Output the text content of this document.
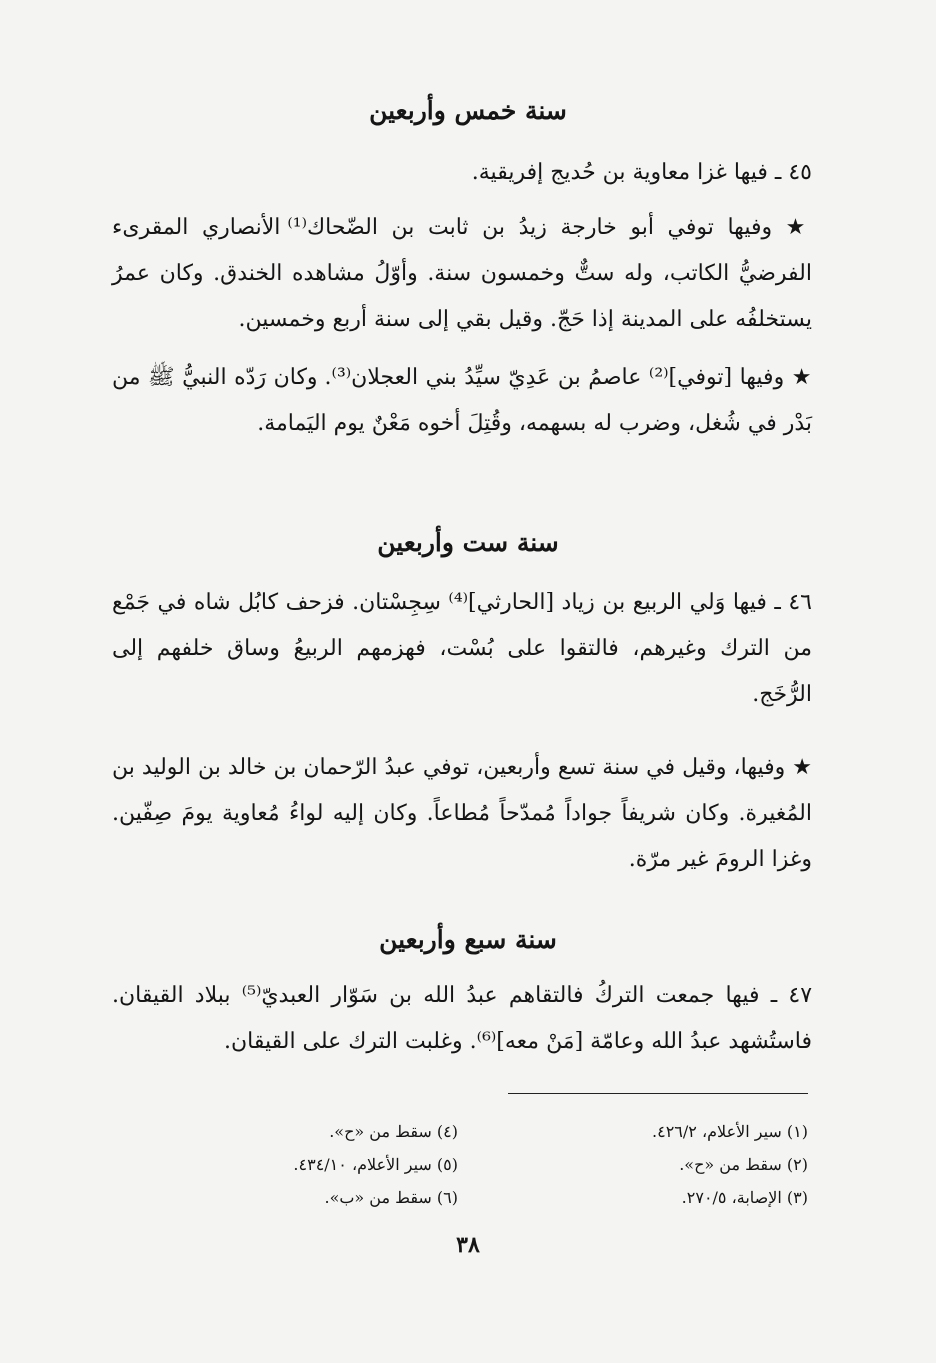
سنة خمس وأربعين
٤٥ ـ فيها غزا معاوية بن حُديج إفريقية.
★ وفيها توفي أبو خارجة زيدُ بن ثابت بن الضّحاك⁽¹⁾ الأنصاري المقرىء الفرضيُّ الكاتب، وله ستٌّ وخمسون سنة. وأوّلُ مشاهده الخندق. وكان عمرُ يستخلفُه على المدينة إذا حَجّ. وقيل بقي إلى سنة أربع وخمسين.
★ وفيها [توفي]⁽²⁾ عاصمُ بن عَدِيّ سيِّدُ بني العجلان⁽³⁾. وكان رَدّه النبيُّ ﷺ من بَدْر في شُغل، وضرب له بسهمه، وقُتِلَ أخوه مَعْنٌ يوم اليَمامة.
سنة ست وأربعين
٤٦ ـ فيها وَلي الربيع بن زياد [الحارثي]⁽⁴⁾ سِجِسْتان. فزحف كابُل شاه في جَمْع من الترك وغيرهم، فالتقوا على بُسْت، فهزمهم الربيعُ وساق خلفهم إلى الرُّخَج.
★ وفيها، وقيل في سنة تسع وأربعين، توفي عبدُ الرّحمان بن خالد بن الوليد بن المُغيرة. وكان شريفاً جواداً مُمدّحاً مُطاعاً. وكان إليه لواءُ مُعاوية يومَ صِفّين. وغزا الرومَ غير مرّة.
سنة سبع وأربعين
٤٧ ـ فيها جمعت التركُ فالتقاهم عبدُ الله بن سَوّار العبديّ⁽⁵⁾ ببلاد القيقان. فاستُشهد عبدُ الله وعامّة [مَنْ معه]⁽⁶⁾. وغلبت الترك على القيقان.
(١) سير الأعلام، ٤٢٦/٢.
(٢) سقط من «ح».
(٣) الإصابة، ٢٧٠/٥.
(٤) سقط من «ح».
(٥) سير الأعلام، ٤٣٤/١٠.
(٦) سقط من «ب».
٣٨
